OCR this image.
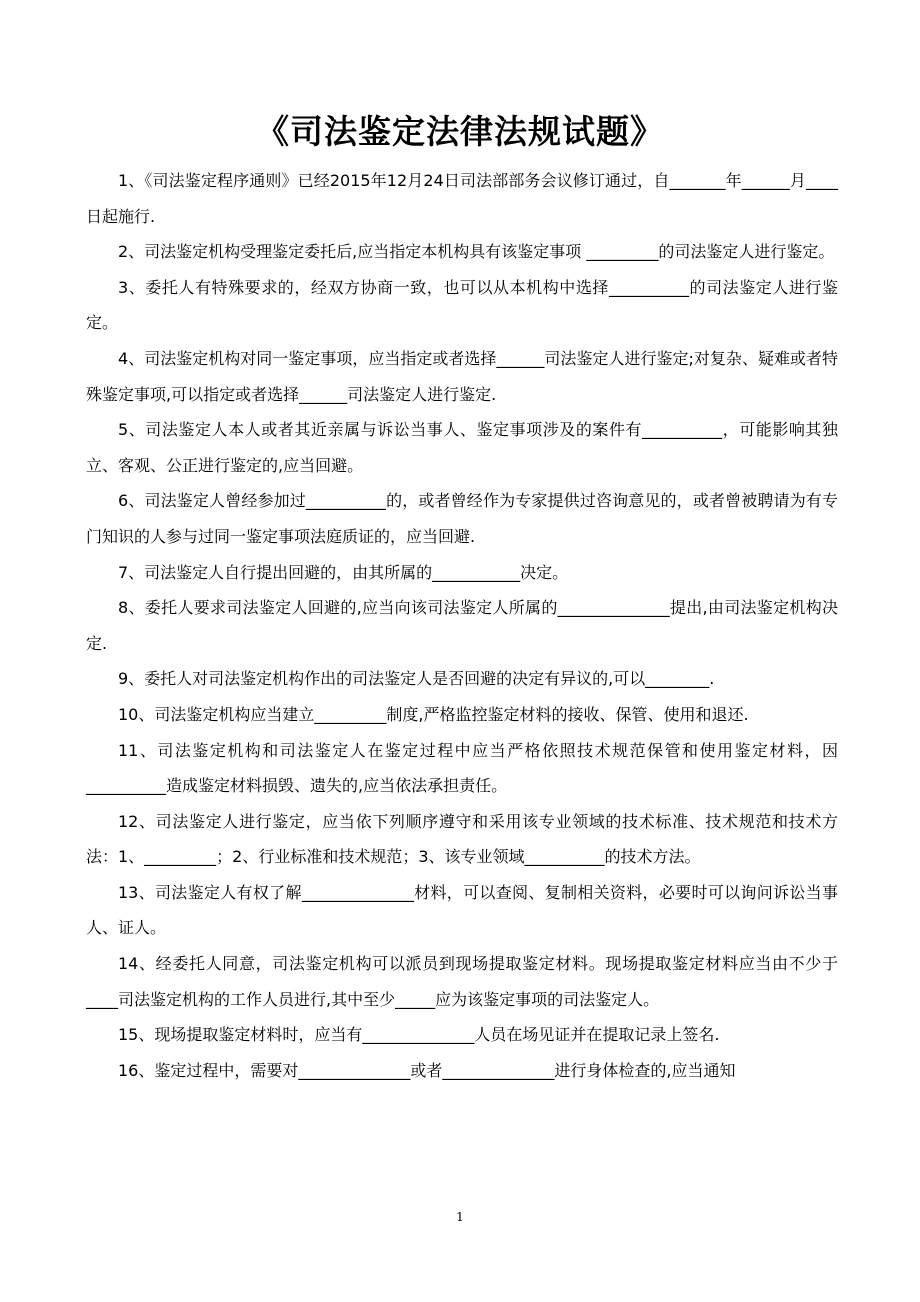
《司法鉴定法律法规试题》

1、《司法鉴定程序通则》已经2015年12月24日司法部部务会议修订通过，自_______年______月____日起施行.

2、司法鉴定机构受理鉴定委托后,应当指定本机构具有该鉴定事项 _________的司法鉴定人进行鉴定。

3、委托人有特殊要求的，经双方协商一致，也可以从本机构中选择__________的司法鉴定人进行鉴定。

4、司法鉴定机构对同一鉴定事项，应当指定或者选择______司法鉴定人进行鉴定;对复杂、疑难或者特殊鉴定事项,可以指定或者选择______司法鉴定人进行鉴定.

5、司法鉴定人本人或者其近亲属与诉讼当事人、鉴定事项涉及的案件有__________，可能影响其独立、客观、公正进行鉴定的,应当回避。

6、司法鉴定人曾经参加过__________的，或者曾经作为专家提供过咨询意见的，或者曾被聘请为有专门知识的人参与过同一鉴定事项法庭质证的，应当回避.

7、司法鉴定人自行提出回避的，由其所属的___________决定。

8、委托人要求司法鉴定人回避的,应当向该司法鉴定人所属的______________提出,由司法鉴定机构决定.

9、委托人对司法鉴定机构作出的司法鉴定人是否回避的决定有异议的,可以________.

10、司法鉴定机构应当建立_________制度,严格监控鉴定材料的接收、保管、使用和退还.

11、司法鉴定机构和司法鉴定人在鉴定过程中应当严格依照技术规范保管和使用鉴定材料，因__________造成鉴定材料损毁、遗失的,应当依法承担责任。

12、司法鉴定人进行鉴定，应当依下列顺序遵守和采用该专业领域的技术标准、技术规范和技术方法：1、_________；2、行业标准和技术规范；3、该专业领域__________的技术方法。

13、司法鉴定人有权了解______________材料，可以查阅、复制相关资料，必要时可以询问诉讼当事人、证人。

14、经委托人同意，司法鉴定机构可以派员到现场提取鉴定材料。现场提取鉴定材料应当由不少于____司法鉴定机构的工作人员进行,其中至少_____应为该鉴定事项的司法鉴定人。

15、现场提取鉴定材料时，应当有______________人员在场见证并在提取记录上签名.

16、鉴定过程中，需要对______________或者______________进行身体检查的,应当通知

1
